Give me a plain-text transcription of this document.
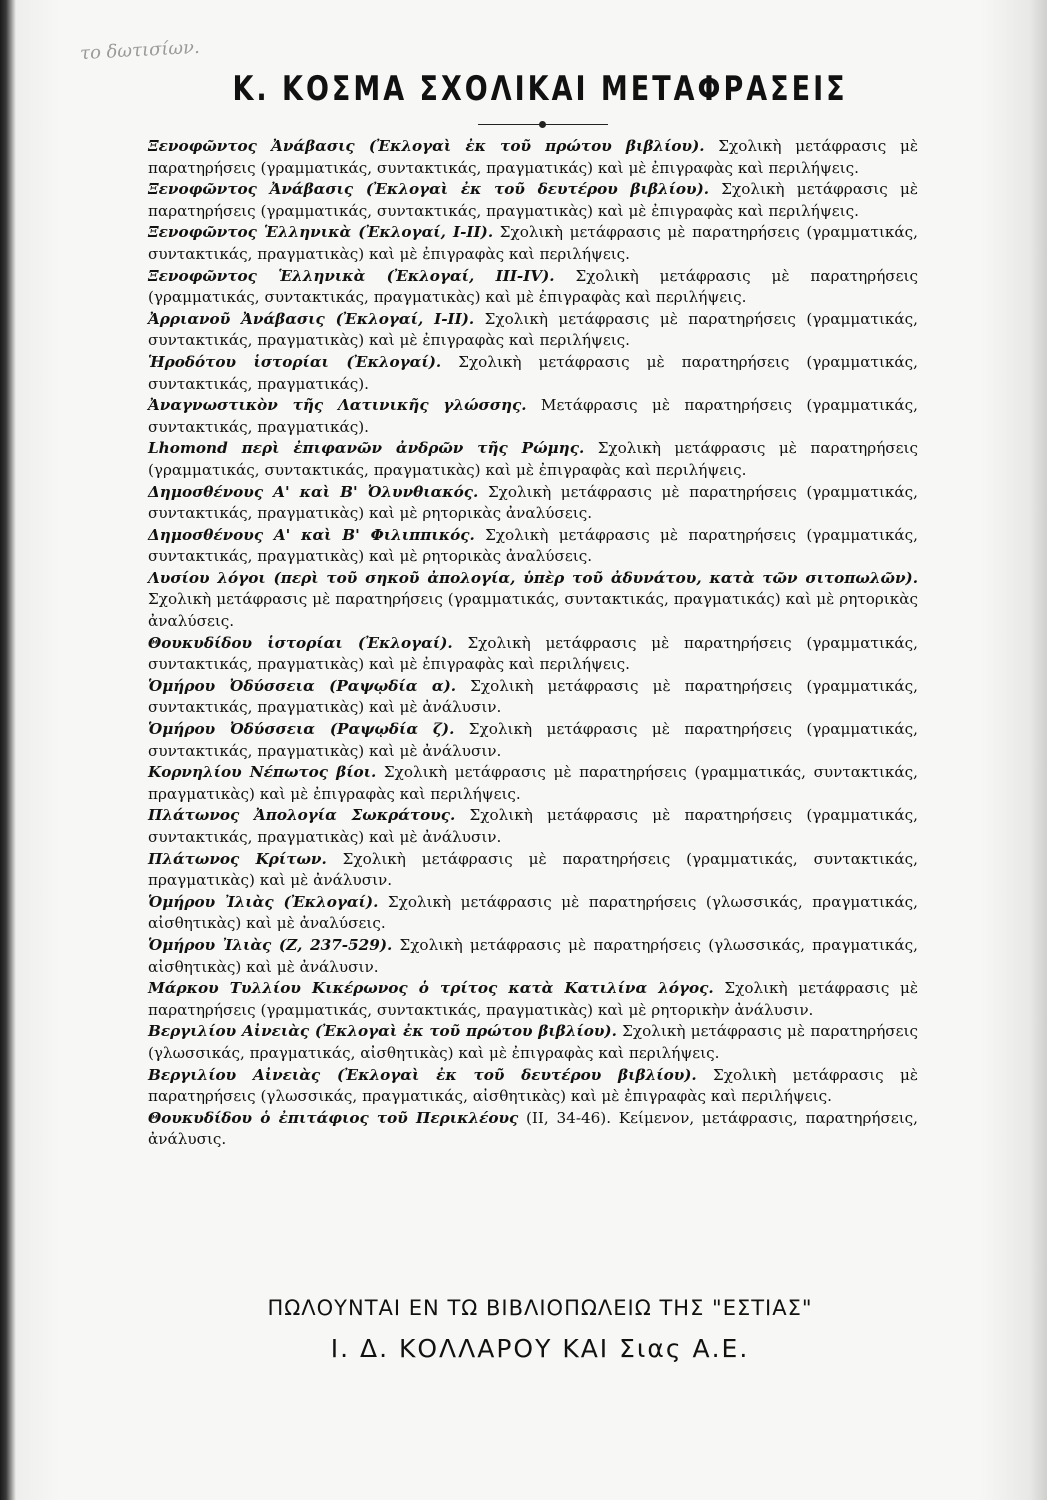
το δωτισίων.
Κ. ΚΟΣΜΑ ΣΧΟΛΙΚΑΙ ΜΕΤΑΦΡΑΣΕΙΣ

Ξενοφῶντος Ἀνάβασις (Ἐκλογαὶ ἐκ τοῦ πρώτου βιβλίου). Σχολικὴ μετάφρασις μὲ παρατηρήσεις (γραμματικάς, συντακτικάς, πραγματικάς) καὶ μὲ ἐπιγραφὰς καὶ περιλήψεις.

Ξενοφῶντος Ἀνάβασις (Ἐκλογαὶ ἐκ τοῦ δευτέρου βιβλίου). Σχολικὴ μετάφρασις μὲ παρατηρήσεις (γραμματικάς, συντακτικάς, πραγματικὰς) καὶ μὲ ἐπιγραφὰς καὶ περιλήψεις.

Ξενοφῶντος Ἑλληνικὰ (Ἐκλογαί, Ι-ΙΙ). Σχολικὴ μετάφρασις μὲ παρατηρήσεις (γραμματικάς, συντακτικάς, πραγματικὰς) καὶ μὲ ἐπιγραφὰς καὶ περιλήψεις.

Ξενοφῶντος Ἑλληνικὰ (Ἐκλογαί, ΙΙΙ-ΙV). Σχολικὴ μετάφρασις μὲ παρατηρήσεις (γραμματικάς, συντακτικάς, πραγματικὰς) καὶ μὲ ἐπιγραφὰς καὶ περιλήψεις.

Ἀρριανοῦ Ἀνάβασις (Ἐκλογαί, Ι-ΙΙ). Σχολικὴ μετάφρασις μὲ παρατηρήσεις (γραμματικάς, συντακτικάς, πραγματικὰς) καὶ μὲ ἐπιγραφὰς καὶ περιλήψεις.

Ἡροδότου ἱστορίαι (Ἐκλογαί). Σχολικὴ μετάφρασις μὲ παρατηρήσεις (γραμματικάς, συντακτικάς, πραγματικάς).

Ἀναγνωστικὸν τῆς Λατινικῆς γλώσσης. Μετάφρασις μὲ παρατηρήσεις (γραμματικάς, συντακτικάς, πραγματικάς).

Lhomond περὶ ἐπιφανῶν ἀνδρῶν τῆς Ρώμης. Σχολικὴ μετάφρασις μὲ παρατηρήσεις (γραμματικάς, συντακτικάς, πραγματικὰς) καὶ μὲ ἐπιγραφὰς καὶ περιλήψεις.

Δημοσθένους Α' καὶ Β' Ὀλυνθιακός. Σχολικὴ μετάφρασις μὲ παρατηρήσεις (γραμματικάς, συντακτικάς, πραγματικὰς) καὶ μὲ ρητορικὰς ἀναλύσεις.

Δημοσθένους Α' καὶ Β' Φιλιππικός. Σχολικὴ μετάφρασις μὲ παρατηρήσεις (γραμματικάς, συντακτικάς, πραγματικὰς) καὶ μὲ ρητορικὰς ἀναλύσεις.

Λυσίου λόγοι (περὶ τοῦ σηκοῦ ἀπολογία, ὑπὲρ τοῦ ἀδυνάτου, κατὰ τῶν σιτοπωλῶν). Σχολικὴ μετάφρασις μὲ παρατηρήσεις (γραμματικάς, συντακτικάς, πραγματικάς) καὶ μὲ ρητορικὰς ἀναλύσεις.

Θουκυδίδου ἱστορίαι (Ἐκλογαί). Σχολικὴ μετάφρασις μὲ παρατηρήσεις (γραμματικάς, συντακτικάς, πραγματικὰς) καὶ μὲ ἐπιγραφὰς καὶ περιλήψεις.

Ὁμήρου Ὀδύσσεια (Ραψῳδία α). Σχολικὴ μετάφρασις μὲ παρατηρήσεις (γραμματικάς, συντακτικάς, πραγματικὰς) καὶ μὲ ἀνάλυσιν.

Ὁμήρου Ὀδύσσεια (Ραψῳδία ζ). Σχολικὴ μετάφρασις μὲ παρατηρήσεις (γραμματικάς, συντακτικάς, πραγματικὰς) καὶ μὲ ἀνάλυσιν.

Κορνηλίου Νέπωτος βίοι. Σχολικὴ μετάφρασις μὲ παρατηρήσεις (γραμματικάς, συντακτικάς, πραγματικὰς) καὶ μὲ ἐπιγραφὰς καὶ περιλήψεις.

Πλάτωνος Ἀπολογία Σωκράτους. Σχολικὴ μετάφρασις μὲ παρατηρήσεις (γραμματικάς, συντακτικάς, πραγματικὰς) καὶ μὲ ἀνάλυσιν.

Πλάτωνος Κρίτων. Σχολικὴ μετάφρασις μὲ παρατηρήσεις (γραμματικάς, συντακτικάς, πραγματικὰς) καὶ μὲ ἀνάλυσιν.

Ὁμήρου Ἰλιὰς (Ἐκλογαί). Σχολικὴ μετάφρασις μὲ παρατηρήσεις (γλωσσικάς, πραγματικάς, αἰσθητικὰς) καὶ μὲ ἀναλύσεις.

Ὁμήρου Ἰλιὰς (Ζ, 237-529). Σχολικὴ μετάφρασις μὲ παρατηρήσεις (γλωσσικάς, πραγματικάς, αἰσθητικὰς) καὶ μὲ ἀνάλυσιν.

Μάρκου Τυλλίου Κικέρωνος ὁ τρίτος κατὰ Κατιλίνα λόγος. Σχολικὴ μετάφρασις μὲ παρατηρήσεις (γραμματικάς, συντακτικάς, πραγματικὰς) καὶ μὲ ρητορικὴν ἀνάλυσιν.

Βεργιλίου Αἰνειὰς (Ἐκλογαὶ ἐκ τοῦ πρώτου βιβλίου). Σχολικὴ μετάφρασις μὲ παρατηρήσεις (γλωσσικάς, πραγματικάς, αἰσθητικὰς) καὶ μὲ ἐπιγραφὰς καὶ περιλήψεις.

Βεργιλίου Αἰνειὰς (Ἐκλογαὶ ἐκ τοῦ δευτέρου βιβλίου). Σχολικὴ μετάφρασις μὲ παρατηρήσεις (γλωσσικάς, πραγματικάς, αἰσθητικὰς) καὶ μὲ ἐπιγραφὰς καὶ περιλήψεις.

Θουκυδίδου ὁ ἐπιτάφιος τοῦ Περικλέους (ΙΙ, 34-46). Κείμενον, μετάφρασις, παρατηρήσεις, ἀνάλυσις.

ΠΩΛΟΥΝΤΑΙ ΕΝ ΤΩ ΒΙΒΛΙΟΠΩΛΕΙΩ ΤΗΣ "ΕΣΤΙΑΣ"
Ι. Δ. ΚΟΛΛΑΡΟΥ ΚΑΙ Σιας Α.Ε.
